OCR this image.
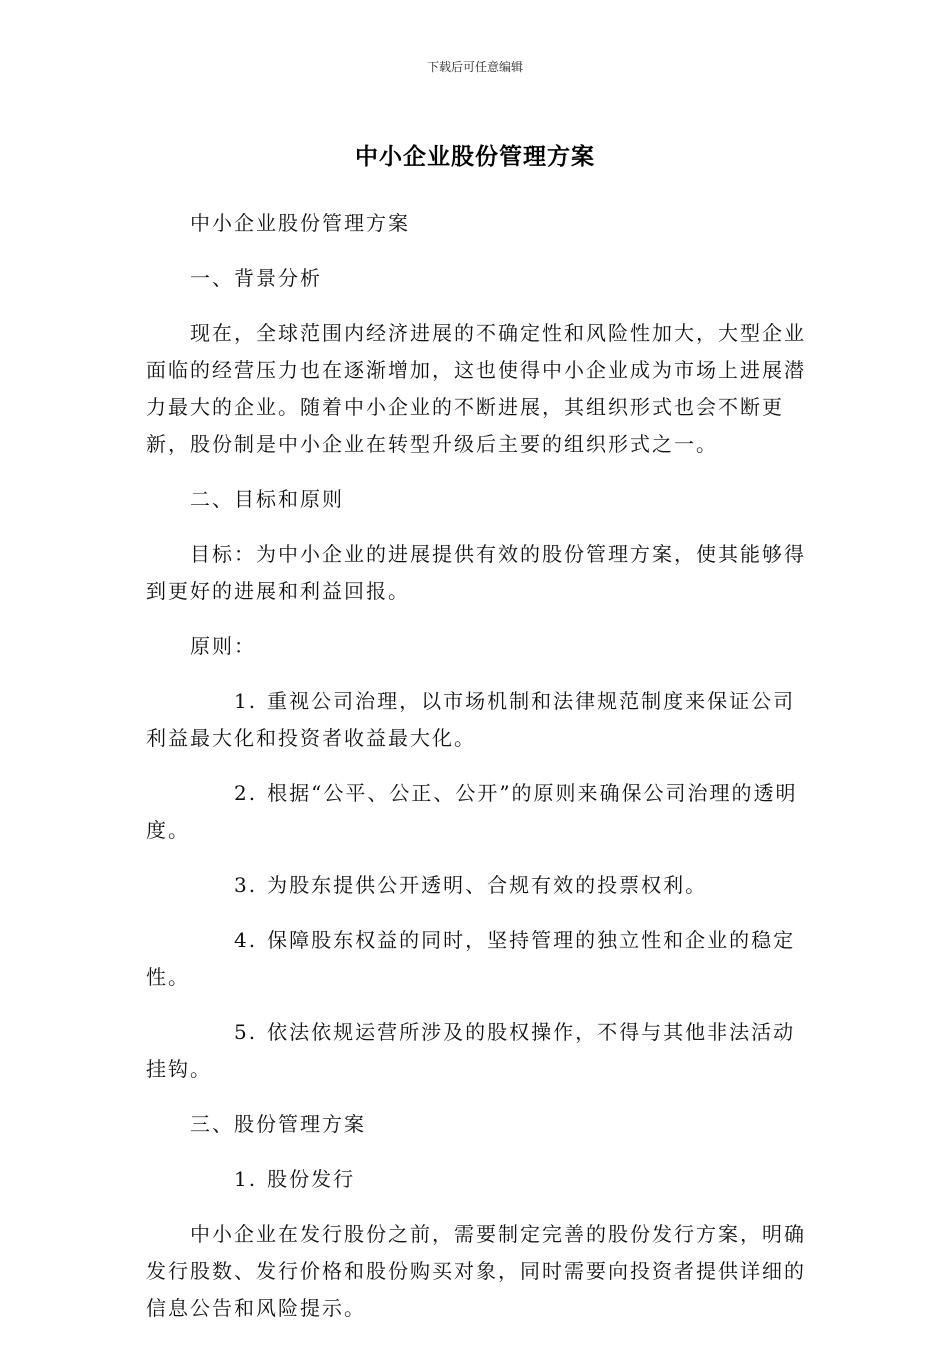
下载后可任意编辑
中小企业股份管理方案

中小企业股份管理方案

一、背景分析

现在，全球范围内经济进展的不确定性和风险性加大，大型企业面临的经营压力也在逐渐增加，这也使得中小企业成为市场上进展潜力最大的企业。随着中小企业的不断进展，其组织形式也会不断更新，股份制是中小企业在转型升级后主要的组织形式之一。

二、目标和原则

目标：为中小企业的进展提供有效的股份管理方案，使其能够得到更好的进展和利益回报。

原则：

1. 重视公司治理，以市场机制和法律规范制度来保证公司利益最大化和投资者收益最大化。

2. 根据“公平、公正、公开”的原则来确保公司治理的透明度。

3. 为股东提供公开透明、合规有效的投票权利。

4. 保障股东权益的同时，坚持管理的独立性和企业的稳定性。

5. 依法依规运营所涉及的股权操作，不得与其他非法活动挂钩。

三、股份管理方案

1. 股份发行

中小企业在发行股份之前，需要制定完善的股份发行方案，明确发行股数、发行价格和股份购买对象，同时需要向投资者提供详细的信息公告和风险提示。
